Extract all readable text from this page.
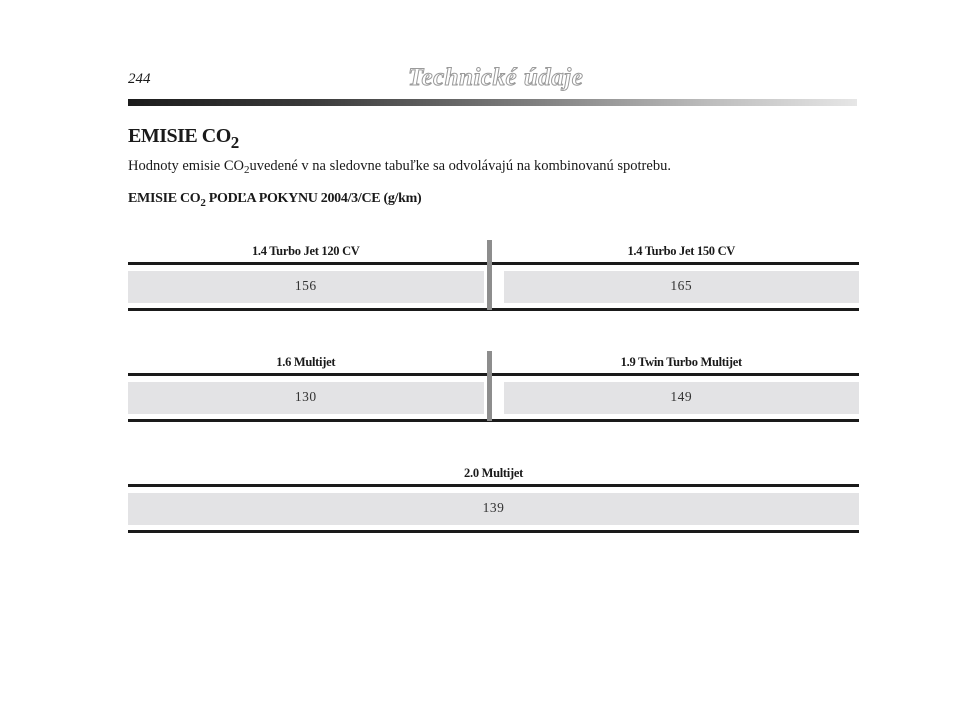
244	Technické údaje
EMISIE $CO_2$
Hodnoty emisie $CO_2uvedené$ v na sledovne tabuľke sa odvolávajú na kombinovanú spotrebu.
EMISIE $CO_2$ PODĽA POKYNU 2004/3/CE (g/km)
1.4 Turbo Jet 120 CV	1.4 Turbo Jet 150 CV
156	165
1.6 Multijet	1.9 Twin Turbo Multijet
130	149
2.0 Multijet
139
